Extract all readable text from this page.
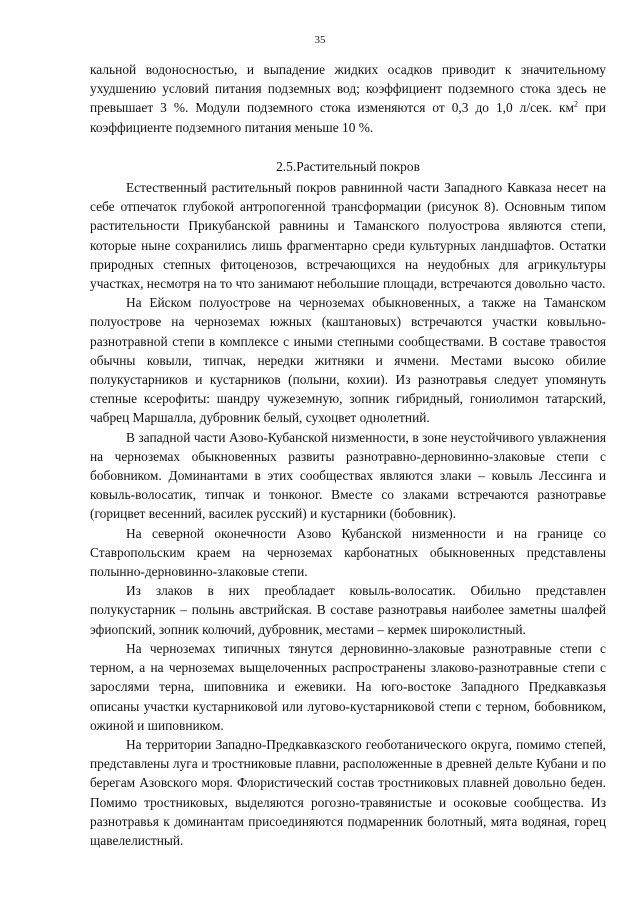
35

кальной водоносностью, и выпадение жидких осадков приводит к значительному ухудшению условий питания подземных вод; коэффициент подземного стока здесь не превышает 3 %. Модули подземного стока изменяются от 0,3 до 1,0 л/сек. $км^2$ при коэффициенте подземного питания меньше 10 %.

2.5.Растительный покров

Естественный растительный покров равнинной части Западного Кавказа несет на себе отпечаток глубокой антропогенной трансформации (рисунок 8). Основным типом растительности Прикубанской равнины и Таманского полуострова являются степи, которые ныне сохранились лишь фрагментарно среди культурных ландшафтов. Остатки природных степных фитоценозов, встречающихся на неудобных для агрикультуры участках, несмотря на то что занимают небольшие площади, встречаются довольно часто.

На Ейском полуострове на черноземах обыкновенных, а также на Таманском полуострове на черноземах южных (каштановых) встречаются участки ковыльно-разнотравной степи в комплексе с иными степными сообществами. В составе травостоя обычны ковыли, типчак, нередки житняки и ячмени. Местами высоко обилие полукустарников и кустарников (полыни, кохии). Из разнотравья следует упомянуть степные ксерофиты: шандру чужеземную, зопник гибридный, гониолимон татарский, чабрец Маршалла, дубровник белый, сухоцвет однолетний.

В западной части Азово-Кубанской низменности, в зоне неустойчивого увлажнения на черноземах обыкновенных развиты разнотравно-дерновинно-злаковые степи с бобовником. Доминантами в этих сообществах являются злаки – ковыль Лессинга и ковыль-волосатик, типчак и тонконог. Вместе со злаками встречаются разнотравье (горицвет весенний, василек русский) и кустарники (бобовник).

На северной оконечности Азово Кубанской низменности и на границе со Ставропольским краем на черноземах карбонатных обыкновенных представлены полынно-дерновинно-злаковые степи.

Из злаков в них преобладает ковыль-волосатик. Обильно представлен полукустарник – полынь австрийская. В составе разнотравья наиболее заметны шалфей эфиопский, зопник колючий, дубровник, местами – кермек широколистный.

На черноземах типичных тянутся дерновинно-злаковые разнотравные степи с терном, а на черноземах выщелоченных распространены злаково-разнотравные степи с зарослями терна, шиповника и ежевики. На юго-востоке Западного Предкавказья описаны участки кустарниковой или лугово-кустарниковой степи с терном, бобовником, ожиной и шиповником.

На территории Западно-Предкавказского геоботанического округа, помимо степей, представлены луга и тростниковые плавни, расположенные в древней дельте Кубани и по берегам Азовского моря. Флористический состав тростниковых плавней довольно беден. Помимо тростниковых, выделяются рогозно-травянистые и осоковые сообщества. Из разнотравья к доминантам присоединяются подмаренник болотный, мята водяная, горец щавелелистный.
